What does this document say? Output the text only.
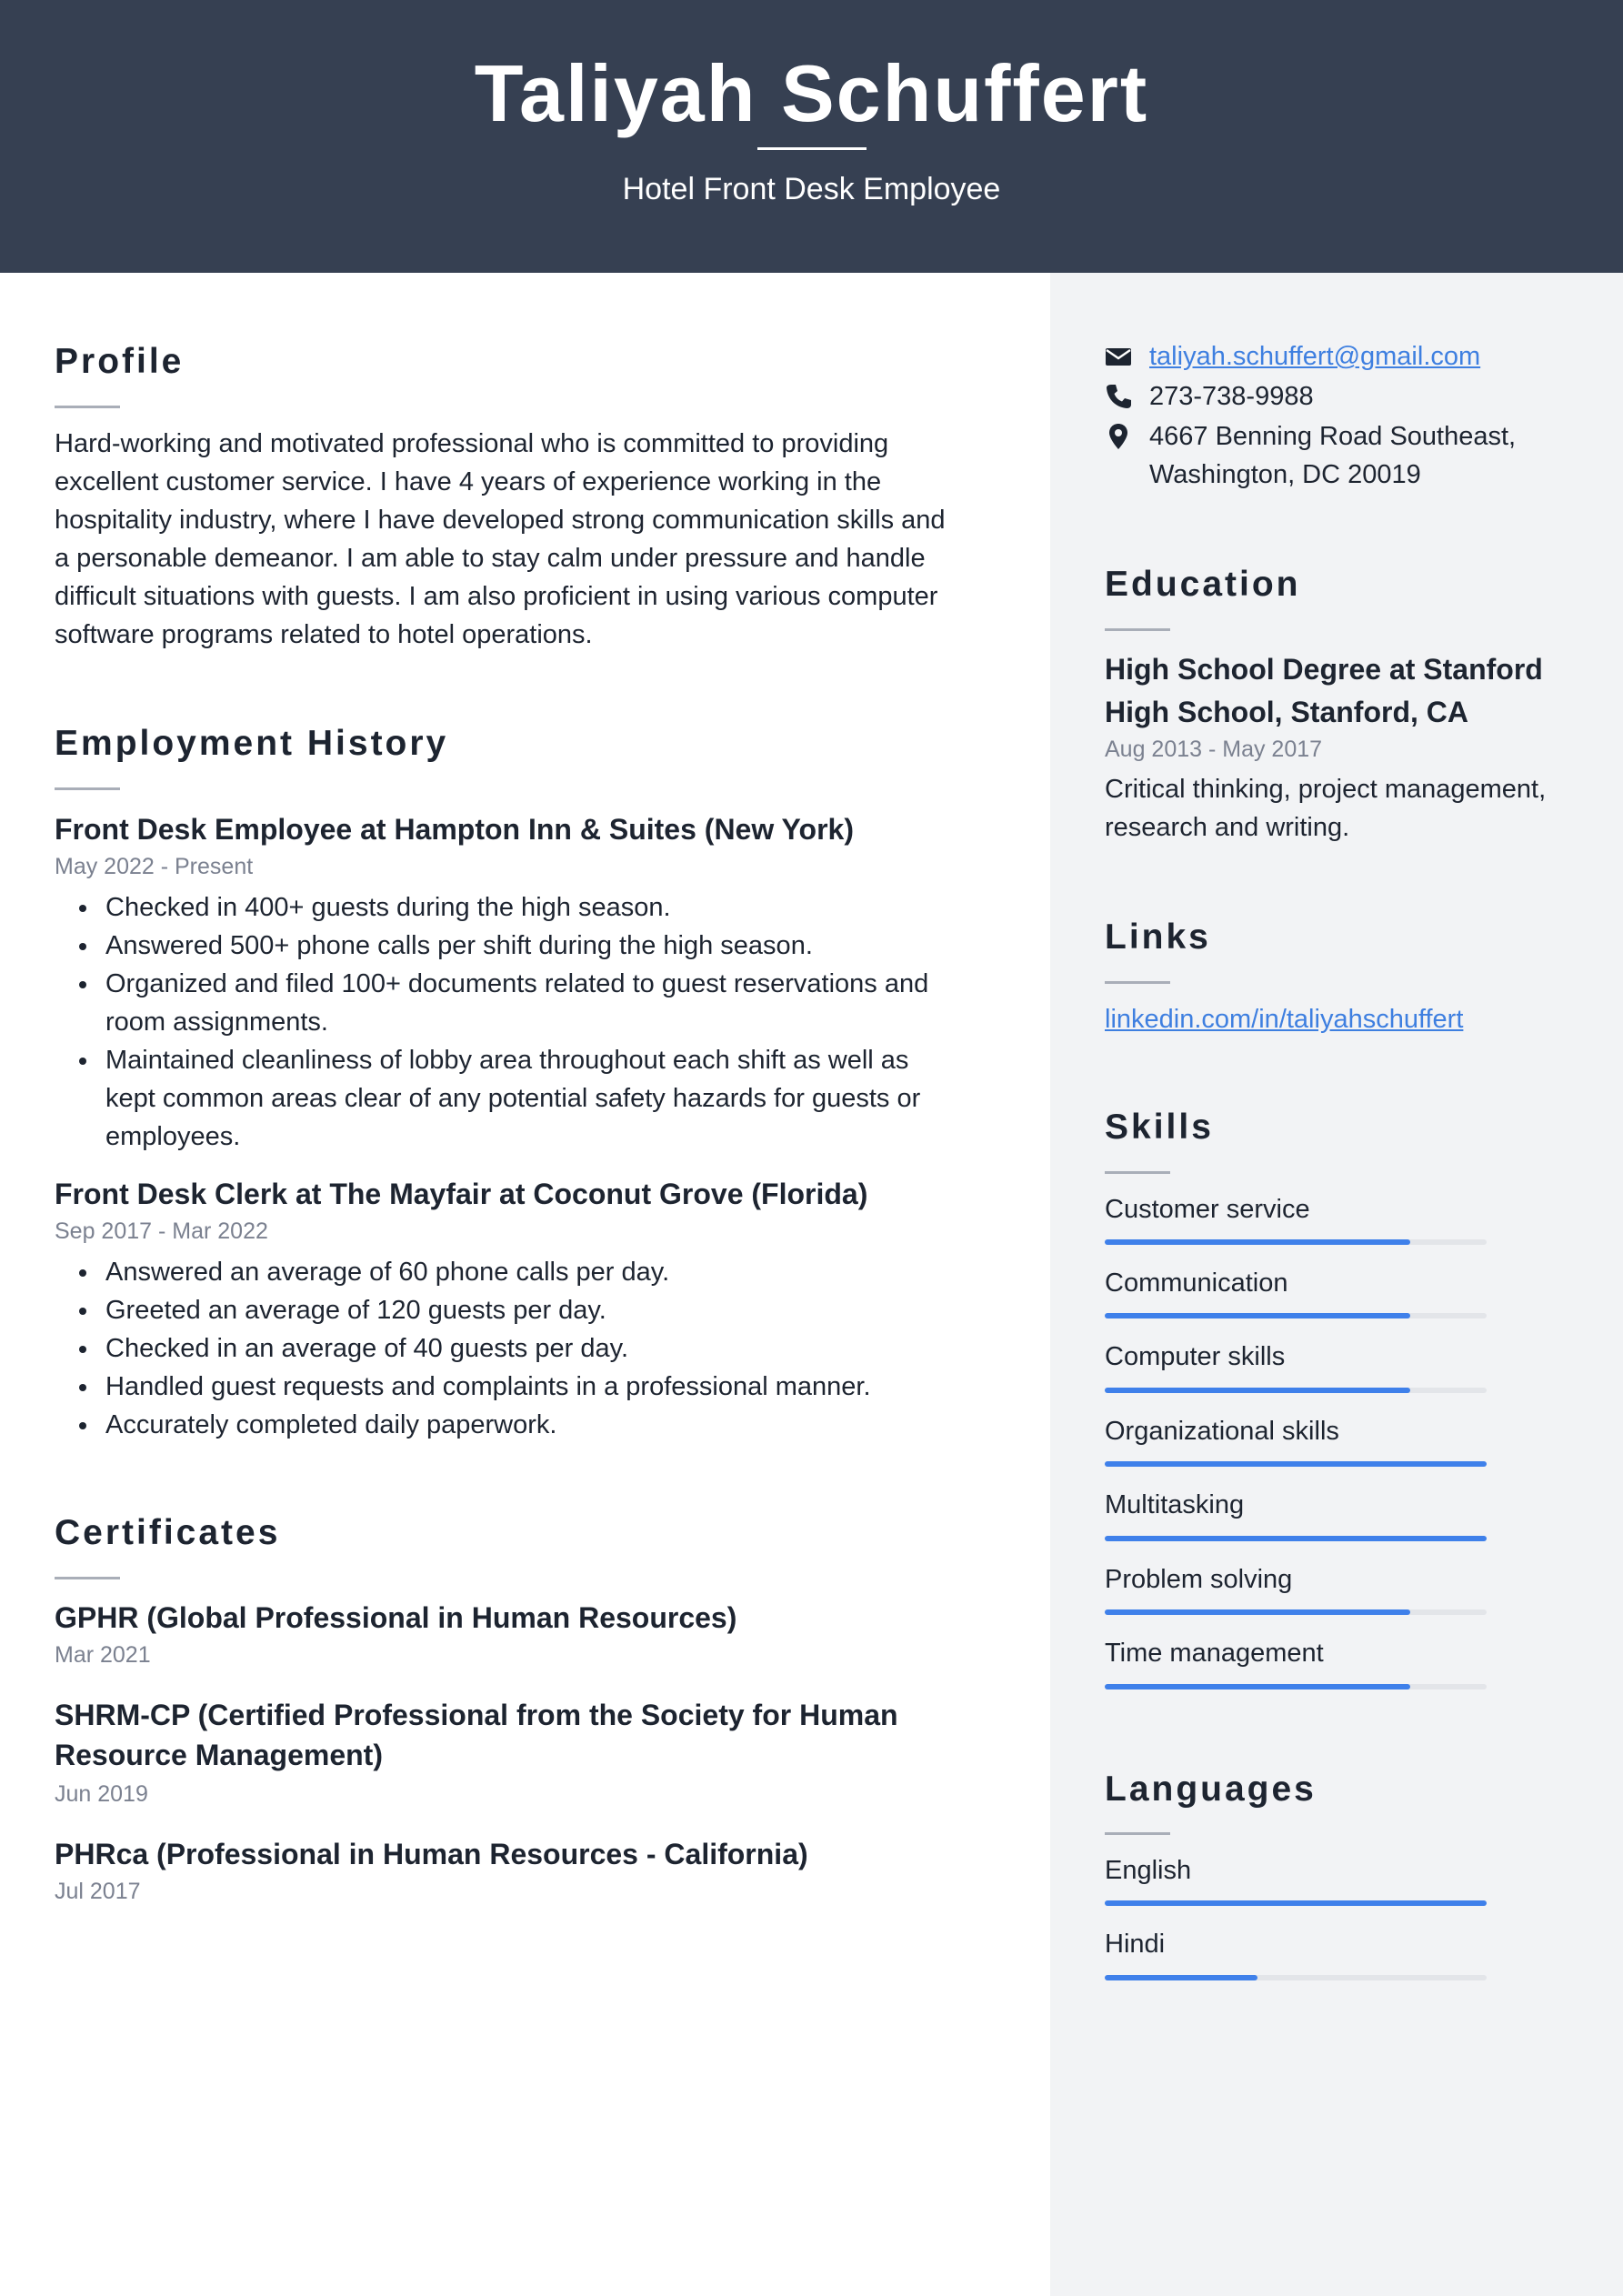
Taliyah Schuffert
Hotel Front Desk Employee
Profile
Hard-working and motivated professional who is committed to providing
excellent customer service. I have 4 years of experience working in the
hospitality industry, where I have developed strong communication skills and
a personable demeanor. I am able to stay calm under pressure and handle
difficult situations with guests. I am also proficient in using various computer
software programs related to hotel operations.
Employment History
Front Desk Employee at Hampton Inn & Suites (New York)
May 2022 - Present
Checked in 400+ guests during the high season.
Answered 500+ phone calls per shift during the high season.
Organized and filed 100+ documents related to guest reservations and
room assignments.
Maintained cleanliness of lobby area throughout each shift as well as
kept common areas clear of any potential safety hazards for guests or
employees.
Front Desk Clerk at The Mayfair at Coconut Grove (Florida)
Sep 2017 - Mar 2022
Answered an average of 60 phone calls per day.
Greeted an average of 120 guests per day.
Checked in an average of 40 guests per day.
Handled guest requests and complaints in a professional manner.
Accurately completed daily paperwork.
Certificates
GPHR (Global Professional in Human Resources)
Mar 2021
SHRM-CP (Certified Professional from the Society for Human
Resource Management)
Jun 2019
PHRca (Professional in Human Resources - California)
Jul 2017
taliyah.schuffert@gmail.com
273-738-9988
4667 Benning Road Southeast,
Washington, DC 20019
Education
High School Degree at Stanford
High School, Stanford, CA
Aug 2013 - May 2017
Critical thinking, project management,
research and writing.
Links
linkedin.com/in/taliyahschuffert
Skills
Customer service
Communication
Computer skills
Organizational skills
Multitasking
Problem solving
Time management
Languages
English
Hindi
